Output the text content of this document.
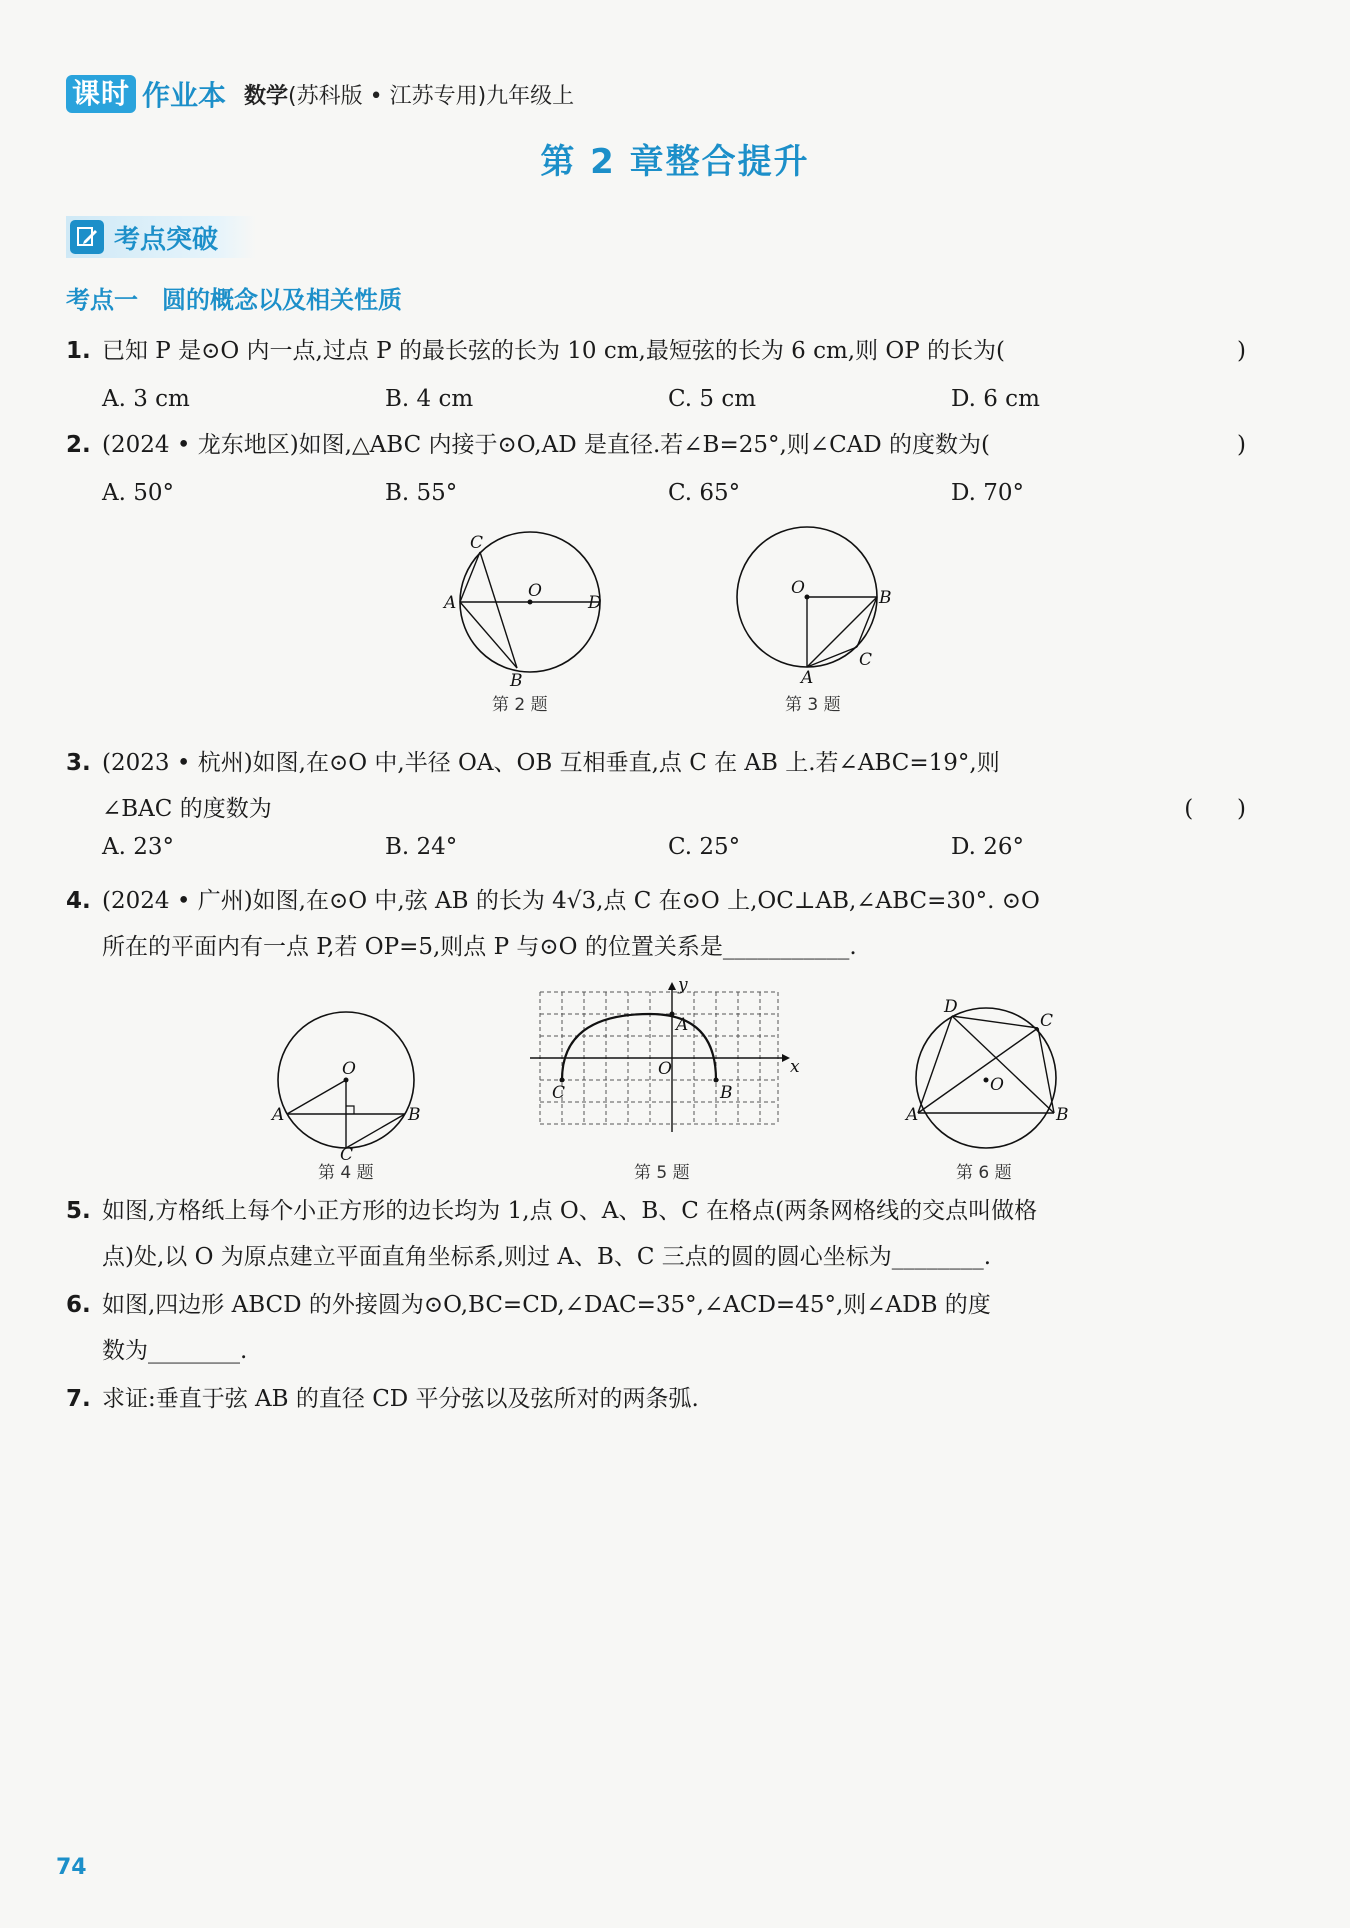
课时 作业本 数学(苏科版 • 江苏专用)九年级上
第 2 章整合提升
考点突破
考点一 圆的概念以及相关性质
1. 已知 P 是⊙O 内一点,过点 P 的最长弦的长为 10 cm,最短弦的长为 6 cm,则 OP 的长为(	)
A. 3 cm	B. 4 cm	C. 5 cm	D. 6 cm
2. (2024 • 龙东地区)如图,△ABC 内接于⊙O,AD 是直径.若∠B=25°,则∠CAD 的度数为(	)
A. 50°	B. 55°	C. 65°	D. 70°
C
A
O
D
B
第 2 题
O	B
C
A
第 3 题
3. (2023 • 杭州)如图,在⊙O 中,半径 OA、OB 互相垂直,点 C 在 AB 上.若∠ABC=19°,则
∠BAC 的度数为	(      )
A. 23°	B. 24°	C. 25°	D. 26°
4. (2024 • 广州)如图,在⊙O 中,弦 AB 的长为 4√3,点 C 在⊙O 上,OC⊥AB,∠ABC=30°. ⊙O
所在的平面内有一点 P,若 OP=5,则点 P 与⊙O 的位置关系是___________.
O
A	B
C
第 4 题
y
A
O	x
C	B
第 5 题
D
C
O
A	B
第 6 题
5. 如图,方格纸上每个小正方形的边长均为 1,点 O、A、B、C 在格点(两条网格线的交点叫做格
点)处,以 O 为原点建立平面直角坐标系,则过 A、B、C 三点的圆的圆心坐标为________.
6. 如图,四边形 ABCD 的外接圆为⊙O,BC=CD,∠DAC=35°,∠ACD=45°,则∠ADB 的度
数为________.
7. 求证:垂直于弦 AB 的直径 CD 平分弦以及弦所对的两条弧.
74
